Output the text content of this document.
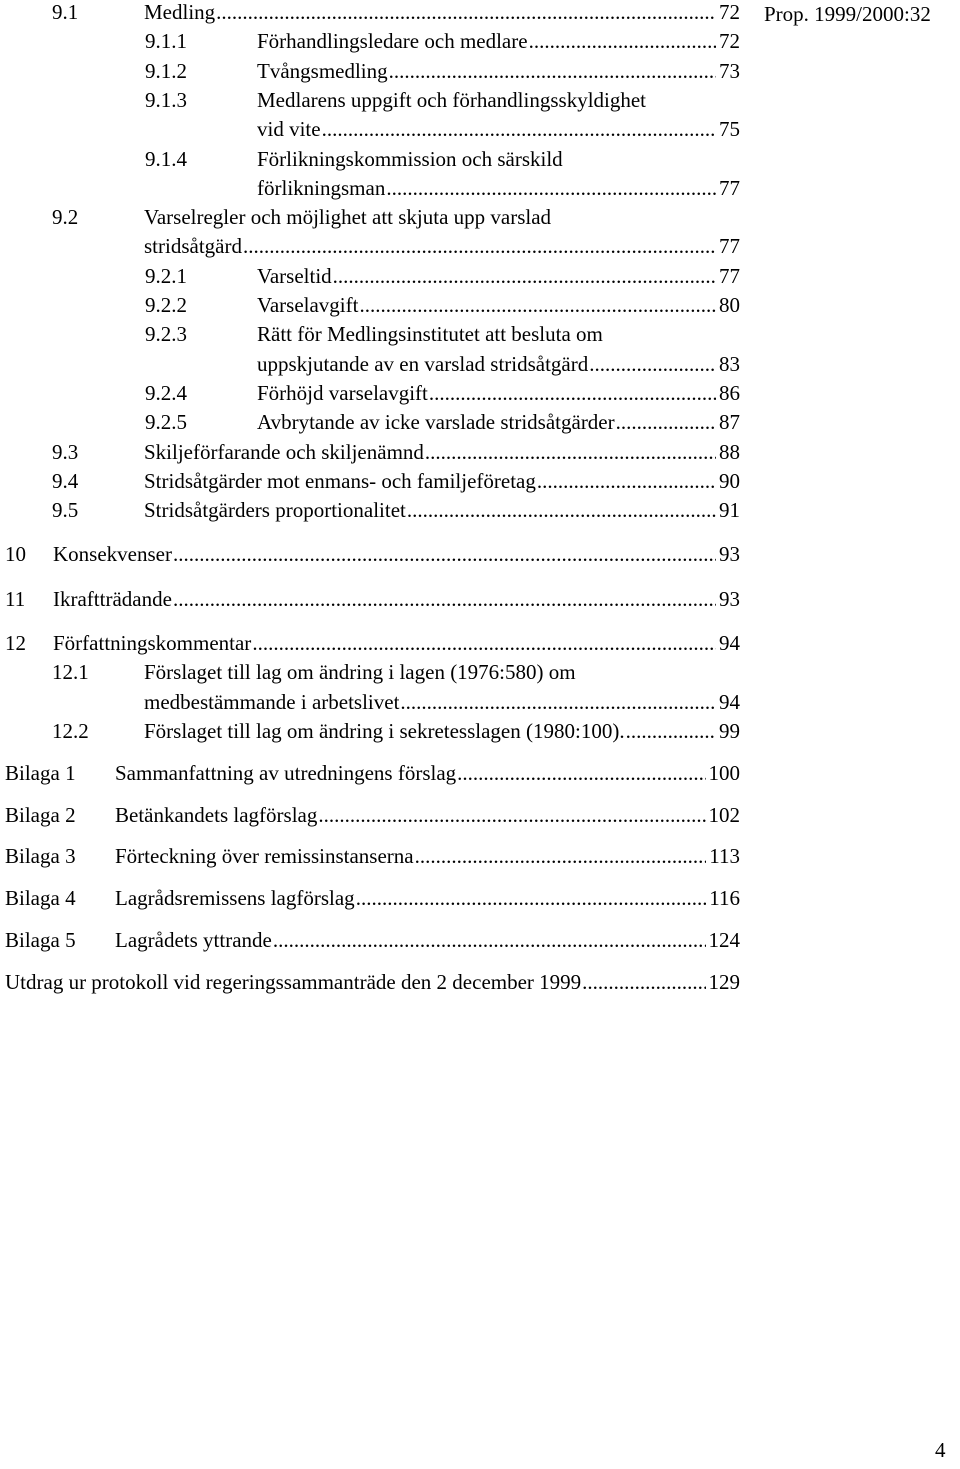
Prop. 1999/2000:32
9.1	Medling .....	72
9.1.1	Förhandlingsledare och medlare .....	72
9.1.2	Tvångsmedling .....	73
9.1.3	Medlarens uppgift och förhandlingsskyldighet
vid vite .....	75
9.1.4	Förlikningskommission och särskild
förlikningsman .....	77
9.2	Varselregler och möjlighet att skjuta upp varslad
stridsåtgärd .....	77
9.2.1	Varseltid .....	77
9.2.2	Varselavgift .....	80
9.2.3	Rätt för Medlingsinstitutet att besluta om
uppskjutande av en varslad stridsåtgärd .....	83
9.2.4	Förhöjd varselavgift .....	86
9.2.5	Avbrytande av icke varslade stridsåtgärder .....	87
9.3	Skiljeförfarande och skiljenämnd .....	88
9.4	Stridsåtgärder mot enmans- och familjeföretag .....	90
9.5	Stridsåtgärders proportionalitet .....	91
10 Konsekvenser .....	93
11 Ikraftträdande .....	93
12 Författningskommentar .....	94
12.1	Förslaget till lag om ändring i lagen (1976:580) om
medbestämmande i arbetslivet .....	94
12.2	Förslaget till lag om ändring i sekretesslagen (1980:100). .....	99
Bilaga 1 Sammanfattning av utredningens förslag .....	100
Bilaga 2 Betänkandets lagförslag .....	102
Bilaga 3 Förteckning över remissinstanserna .....	113
Bilaga 4 Lagrådsremissens lagförslag .....	116
Bilaga 5 Lagrådets yttrande .....	124
Utdrag ur protokoll vid regeringssammanträde den 2 december 1999 .....	129
4
